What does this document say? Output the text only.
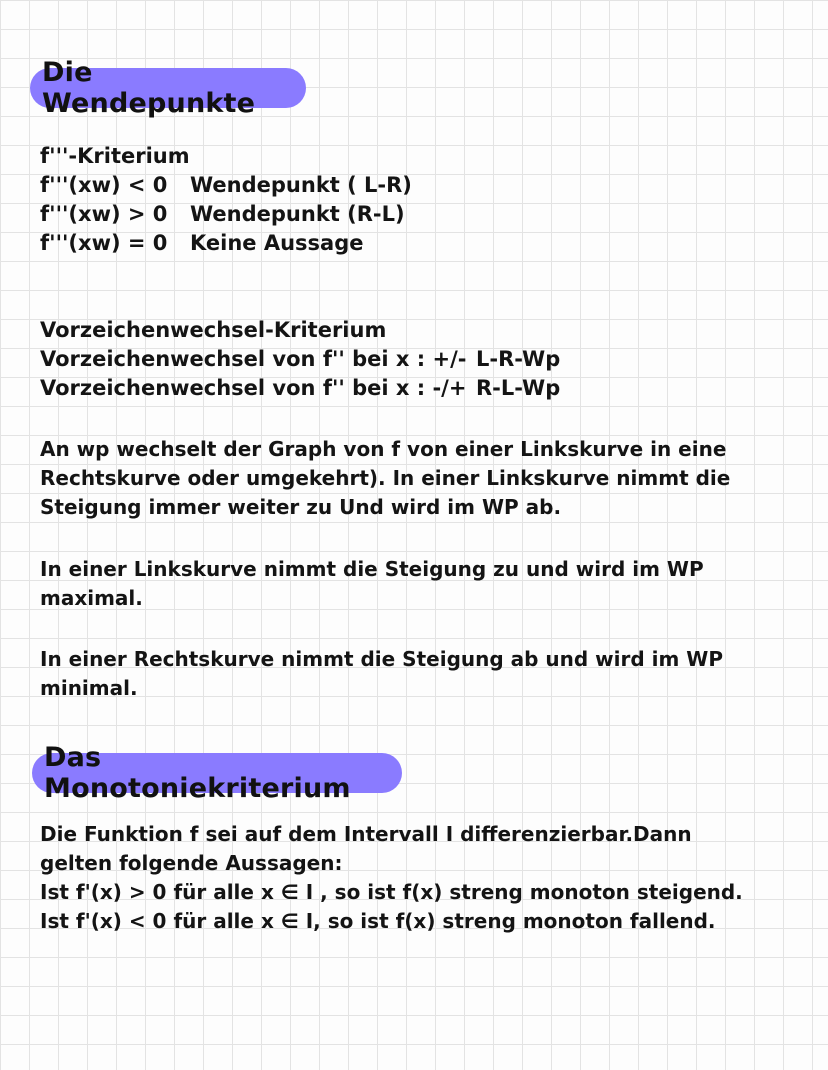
Die Wendepunkte
f'''-Kriterium
f'''(xw) < 0 Wendepunkt ( L-R)
f'''(xw) > 0 Wendepunkt (R-L)
f'''(xw) = 0 Keine Aussage
Vorzeichenwechsel-Kriterium
Vorzeichenwechsel von f'' bei x : +/- L-R-Wp
Vorzeichenwechsel von f'' bei x : -/+ R-L-Wp
An wp wechselt der Graph von f von einer Linkskurve in eine
Rechtskurve oder umgekehrt). In einer Linkskurve nimmt die
Steigung immer weiter zu Und wird im WP ab.
In einer Linkskurve nimmt die Steigung zu und wird im WP
maximal.
In einer Rechtskurve nimmt die Steigung ab und wird im WP
minimal.
Das Monotoniekriterium
Die Funktion f sei auf dem Intervall I differenzierbar.Dann
gelten folgende Aussagen:
Ist f'(x) > 0 für alle x ∈ I , so ist f(x) streng monoton steigend.
Ist f'(x) < 0 für alle x ∈ I, so ist f(x) streng monoton fallend.
